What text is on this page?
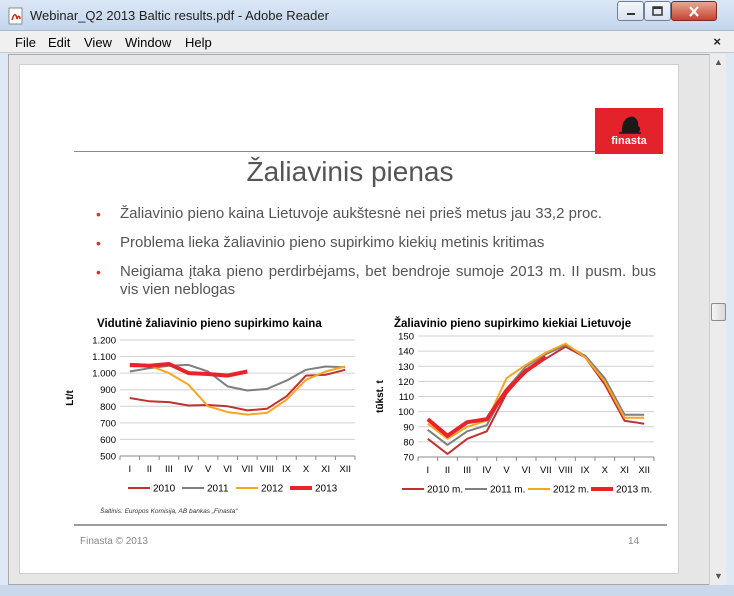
Webinar_Q2 2013 Baltic results.pdf - Adobe Reader
File Edit View Window Help	×
finasta
Žaliavinis pienas
• Žaliavinio pieno kaina Lietuvoje aukštesnė nei prieš metus jau 33,2 proc.
• Problema lieka žaliavinio pieno supirkimo kiekių metinis kritimas
• Neigiama įtaka pieno perdirbėjams, bet bendroje sumoje 2013 m. II pusm. bus vis vien neblogas
Vidutinė žaliavinio pieno supirkimo kaina
1.200
1.100
1.000
900
800
700
600
500
I II III IV V VI VII VIII IX X XI XII
Lt/t
2010	2011	2012	2013
Žaliavinio pieno supirkimo kiekiai Lietuvoje
150
140
130
120
110
100
90
80
70
I II III IV V VI VII VIII IX X XI XII
tūkst. t
2010 m.	2011 m.	2012 m.	2013 m.
Šaltinis: Europos Komisija, AB bankas „Finasta“
Finasta © 2013	14
▲
▼
